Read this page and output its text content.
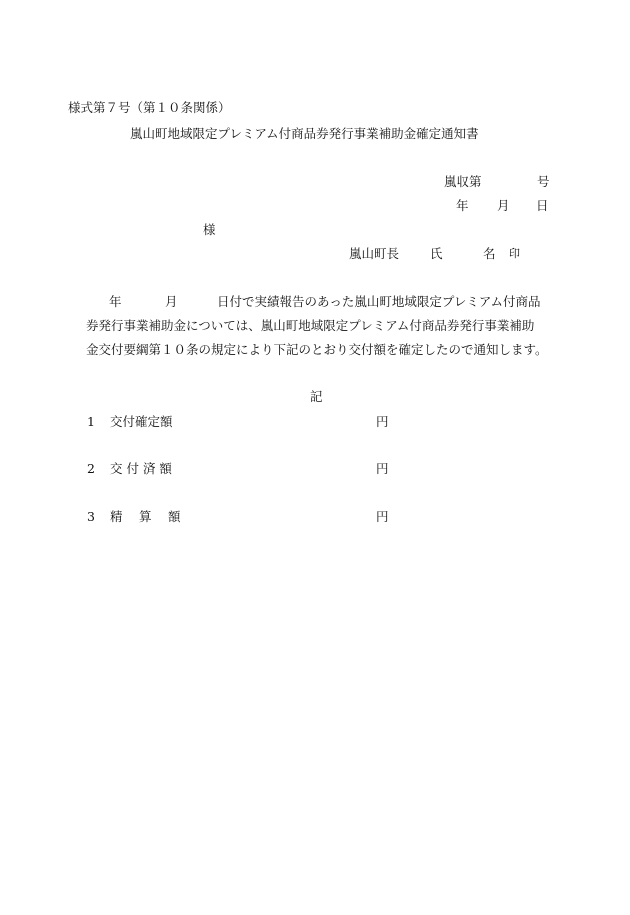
様式第７号（第１０条関係）
嵐山町地域限定プレミアム付商品券発行事業補助金確定通知書
嵐収第	号
年 月 日
様
嵐山町長 氏	名 印
年	月	日付で実績報告のあった嵐山町地域限定プレミアム付商品
券発行事業補助金については、嵐山町地域限定プレミアム付商品券発行事業補助
金交付要綱第１０条の規定により下記のとおり交付額を確定したので通知します。
記
1 交付確定額	円
2 交 付 済 額	円
3 精　 算　 額	円
